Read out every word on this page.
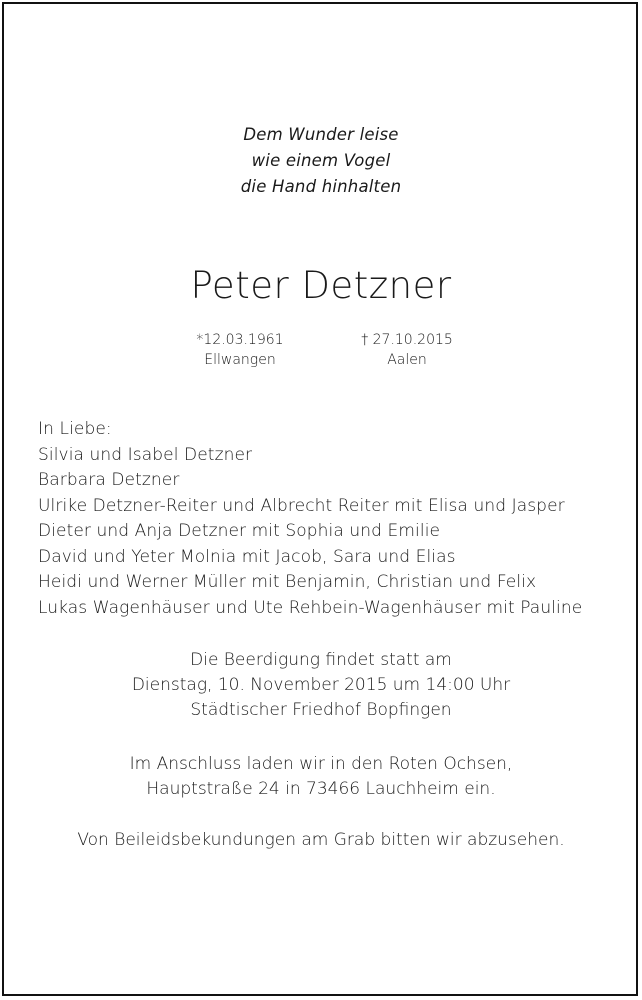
Dem Wunder leise
wie einem Vogel
die Hand hinhalten
Peter Detzner
*12.03.1961
Ellwangen
† 27.10.2015
Aalen
In Liebe:
Silvia und Isabel Detzner
Barbara Detzner
Ulrike Detzner-Reiter und Albrecht Reiter mit Elisa und Jasper
Dieter und Anja Detzner mit Sophia und Emilie
David und Yeter Molnia mit Jacob, Sara und Elias
Heidi und Werner Müller mit Benjamin, Christian und Felix
Lukas Wagenhäuser und Ute Rehbein-Wagenhäuser mit Pauline
Die Beerdigung findet statt am
Dienstag, 10. November 2015 um 14:00 Uhr
Städtischer Friedhof Bopfingen
Im Anschluss laden wir in den Roten Ochsen,
Hauptstraße 24 in 73466 Lauchheim ein.
Von Beileidsbekundungen am Grab bitten wir abzusehen.
